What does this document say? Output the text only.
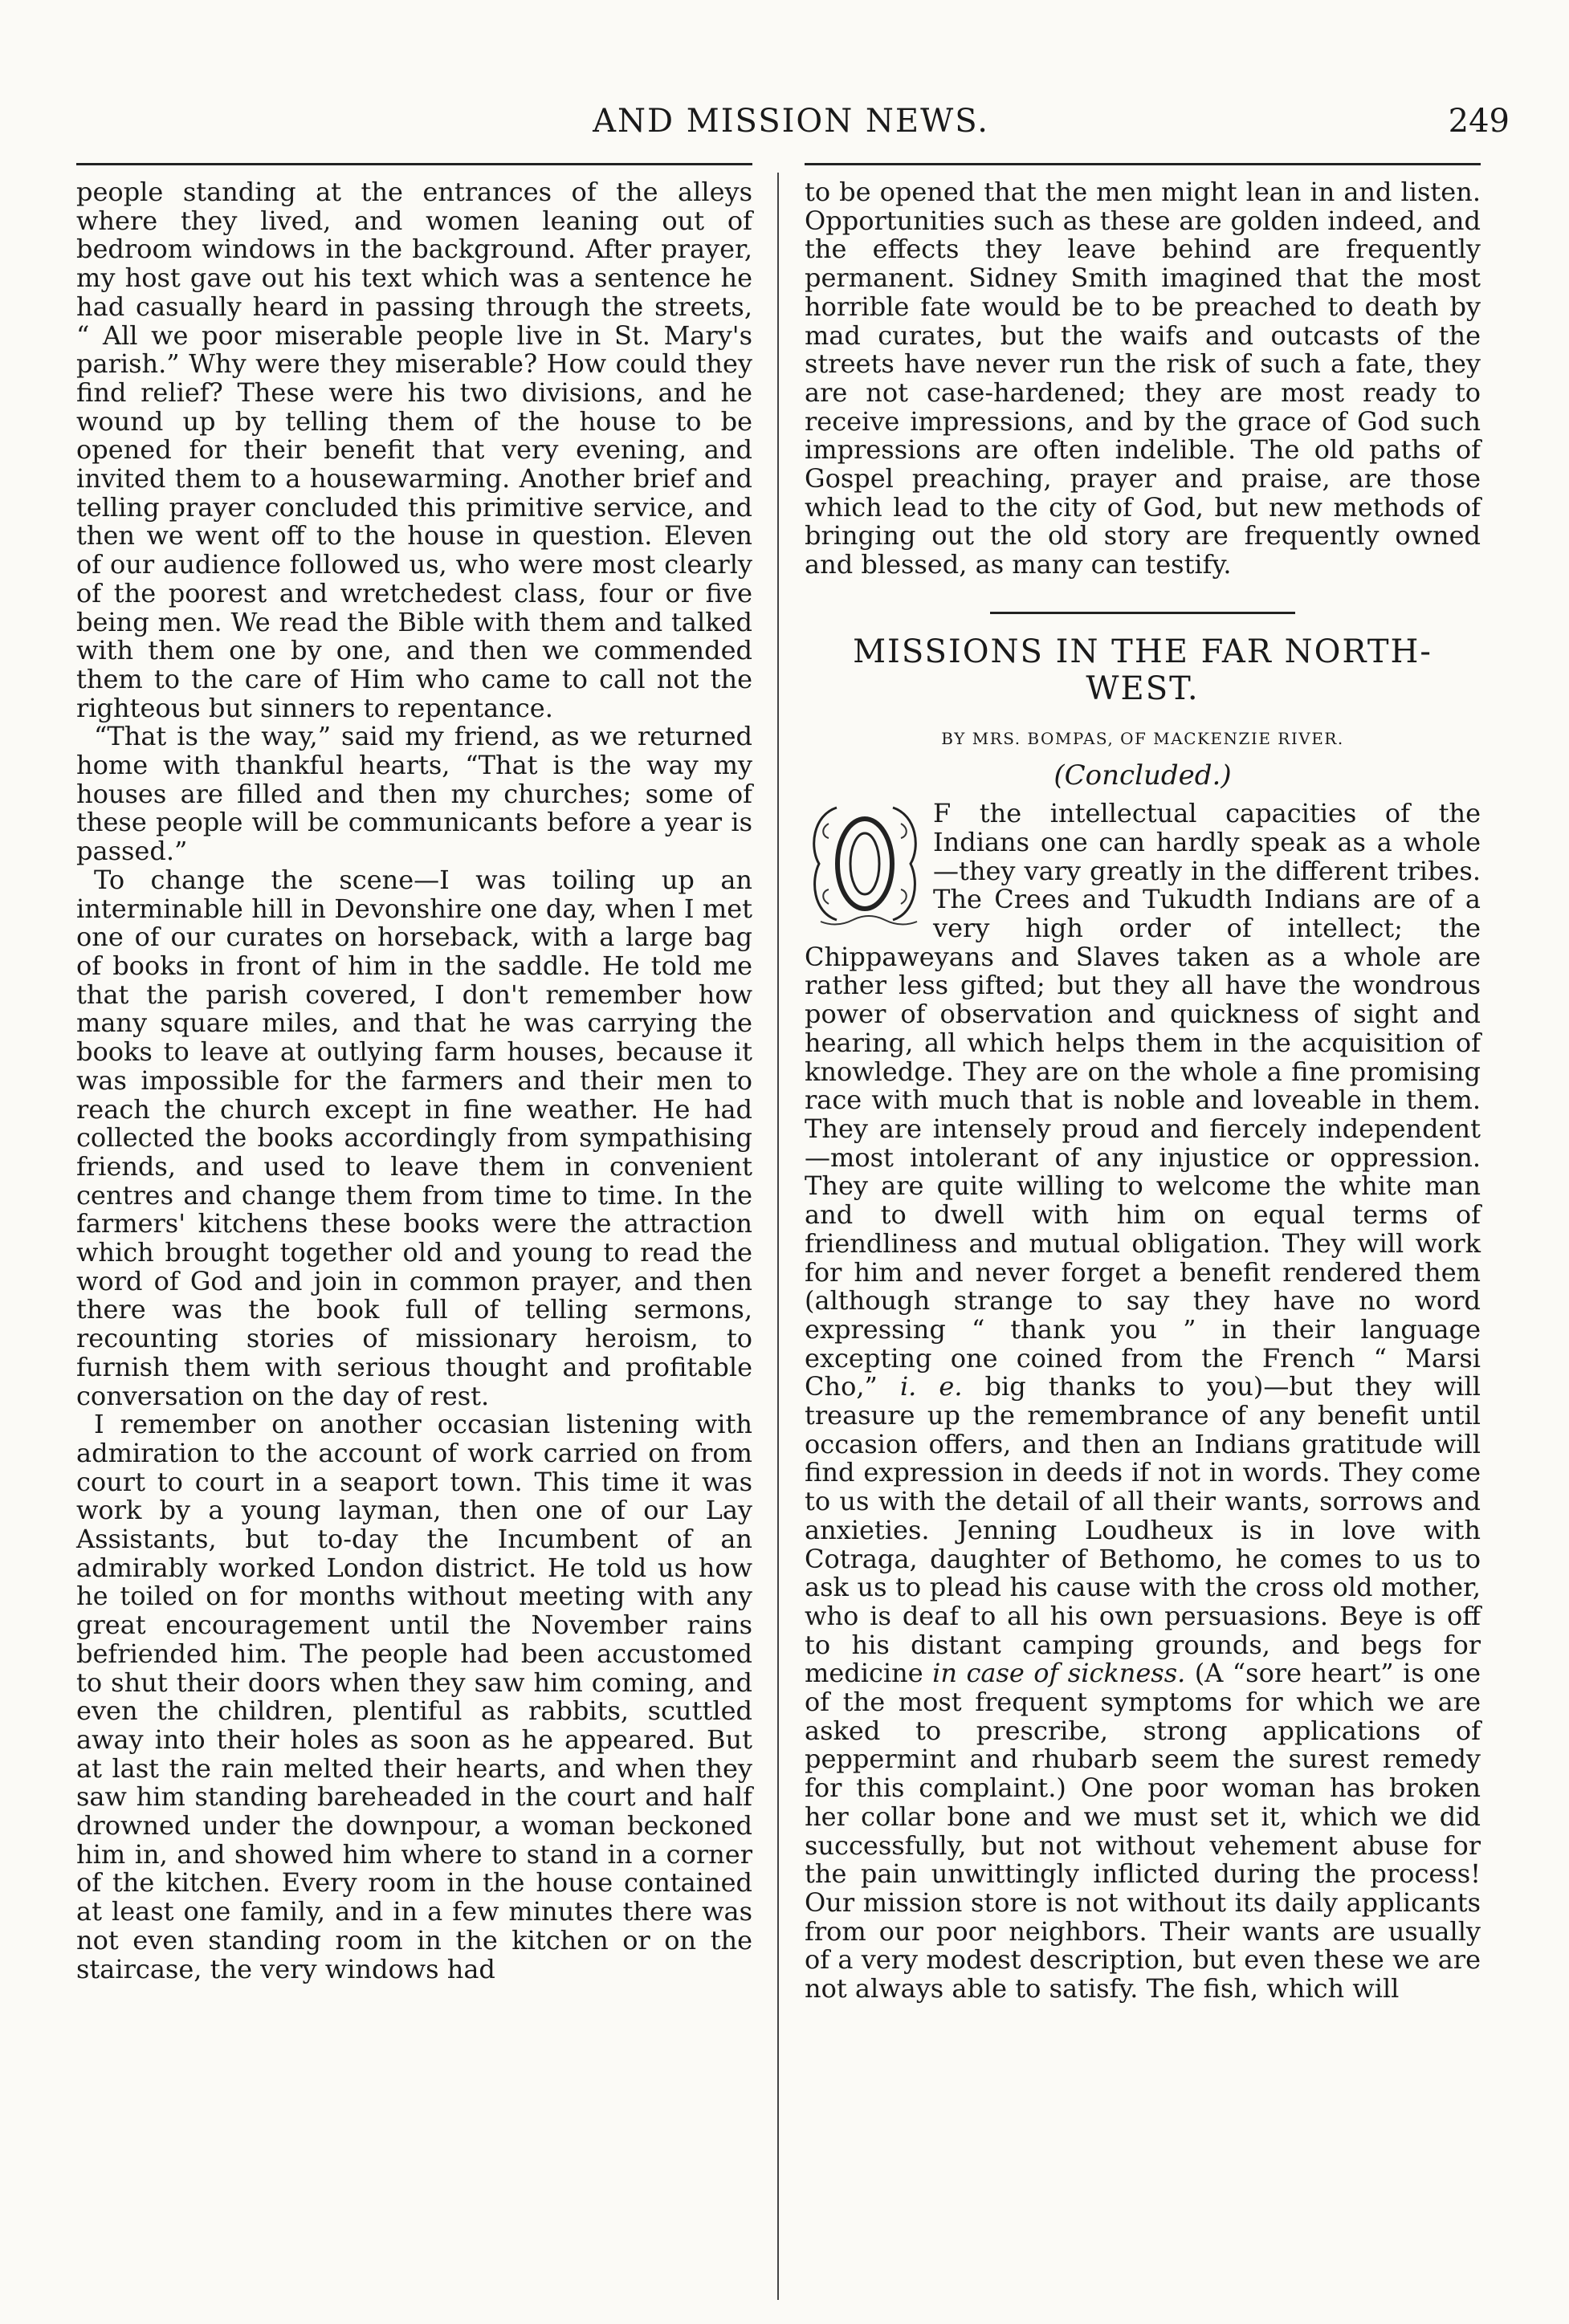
AND MISSION NEWS.	249

people standing at the entrances of the alleys where they lived, and women leaning out of bedroom windows in the background. After prayer, my host gave out his text which was a sentence he had casually heard in passing through the streets, “ All we poor miserable people live in St. Mary's parish.” Why were they miserable? How could they find relief? These were his two divisions, and he wound up by telling them of the house to be opened for their benefit that very evening, and invited them to a housewarming. Another brief and telling prayer concluded this primitive service, and then we went off to the house in question. Eleven of our audience followed us, who were most clearly of the poorest and wretchedest class, four or five being men. We read the Bible with them and talked with them one by one, and then we commended them to the care of Him who came to call not the righteous but sinners to repentance.

“That is the way,” said my friend, as we returned home with thankful hearts, “That is the way my houses are filled and then my churches; some of these people will be communicants before a year is passed.”

To change the scene—I was toiling up an interminable hill in Devonshire one day, when I met one of our curates on horseback, with a large bag of books in front of him in the saddle. He told me that the parish covered, I don't remember how many square miles, and that he was carrying the books to leave at outlying farm houses, because it was impossible for the farmers and their men to reach the church except in fine weather. He had collected the books accordingly from sympathising friends, and used to leave them in convenient centres and change them from time to time. In the farmers' kitchens these books were the attraction which brought together old and young to read the word of God and join in common prayer, and then there was the book full of telling sermons, recounting stories of missionary heroism, to furnish them with serious thought and profitable conversation on the day of rest.

I remember on another occasian listening with admiration to the account of work carried on from court to court in a seaport town. This time it was work by a young layman, then one of our Lay Assistants, but to-day the Incumbent of an admirably worked London district. He told us how he toiled on for months without meeting with any great encouragement until the November rains befriended him. The people had been accustomed to shut their doors when they saw him coming, and even the children, plentiful as rabbits, scuttled away into their holes as soon as he appeared. But at last the rain melted their hearts, and when they saw him standing bareheaded in the court and half drowned under the downpour, a woman beckoned him in, and showed him where to stand in a corner of the kitchen. Every room in the house contained at least one family, and in a few minutes there was not even standing room in the kitchen or on the staircase, the very windows had

to be opened that the men might lean in and listen. Opportunities such as these are golden indeed, and the effects they leave behind are frequently permanent. Sidney Smith imagined that the most horrible fate would be to be preached to death by mad curates, but the waifs and outcasts of the streets have never run the risk of such a fate, they are not case-hardened; they are most ready to receive impressions, and by the grace of God such impressions are often indelible. The old paths of Gospel preaching, prayer and praise, are those which lead to the city of God, but new methods of bringing out the old story are frequently owned and blessed, as many can testify.

MISSIONS IN THE FAR NORTH-WEST.
BY MRS. BOMPAS, OF MACKENZIE RIVER.
(Concluded.)

F the intellectual capacities of the Indians one can hardly speak as a whole—they vary greatly in the different tribes. The Crees and Tukudth Indians are of a very high order of intellect; the Chippaweyans and Slaves taken as a whole are rather less gifted; but they all have the wondrous power of observation and quickness of sight and hearing, all which helps them in the acquisition of knowledge. They are on the whole a fine promising race with much that is noble and loveable in them. They are intensely proud and fiercely independent—most intolerant of any injustice or oppression. They are quite willing to welcome the white man and to dwell with him on equal terms of friendliness and mutual obligation. They will work for him and never forget a benefit rendered them (although strange to say they have no word expressing “ thank you ” in their language excepting one coined from the French “ Marsi Cho,” i. e. big thanks to you)—but they will treasure up the remembrance of any benefit until occasion offers, and then an Indians gratitude will find expression in deeds if not in words. They come to us with the detail of all their wants, sorrows and anxieties. Jenning Loudheux is in love with Cotraga, daughter of Bethomo, he comes to us to ask us to plead his cause with the cross old mother, who is deaf to all his own persuasions. Beye is off to his distant camping grounds, and begs for medicine in case of sickness. (A “sore heart” is one of the most frequent symptoms for which we are asked to prescribe, strong applications of peppermint and rhubarb seem the surest remedy for this complaint.) One poor woman has broken her collar bone and we must set it, which we did successfully, but not without vehement abuse for the pain unwittingly inflicted during the process! Our mission store is not without its daily applicants from our poor neighbors. Their wants are usually of a very modest description, but even these we are not always able to satisfy. The fish, which will
